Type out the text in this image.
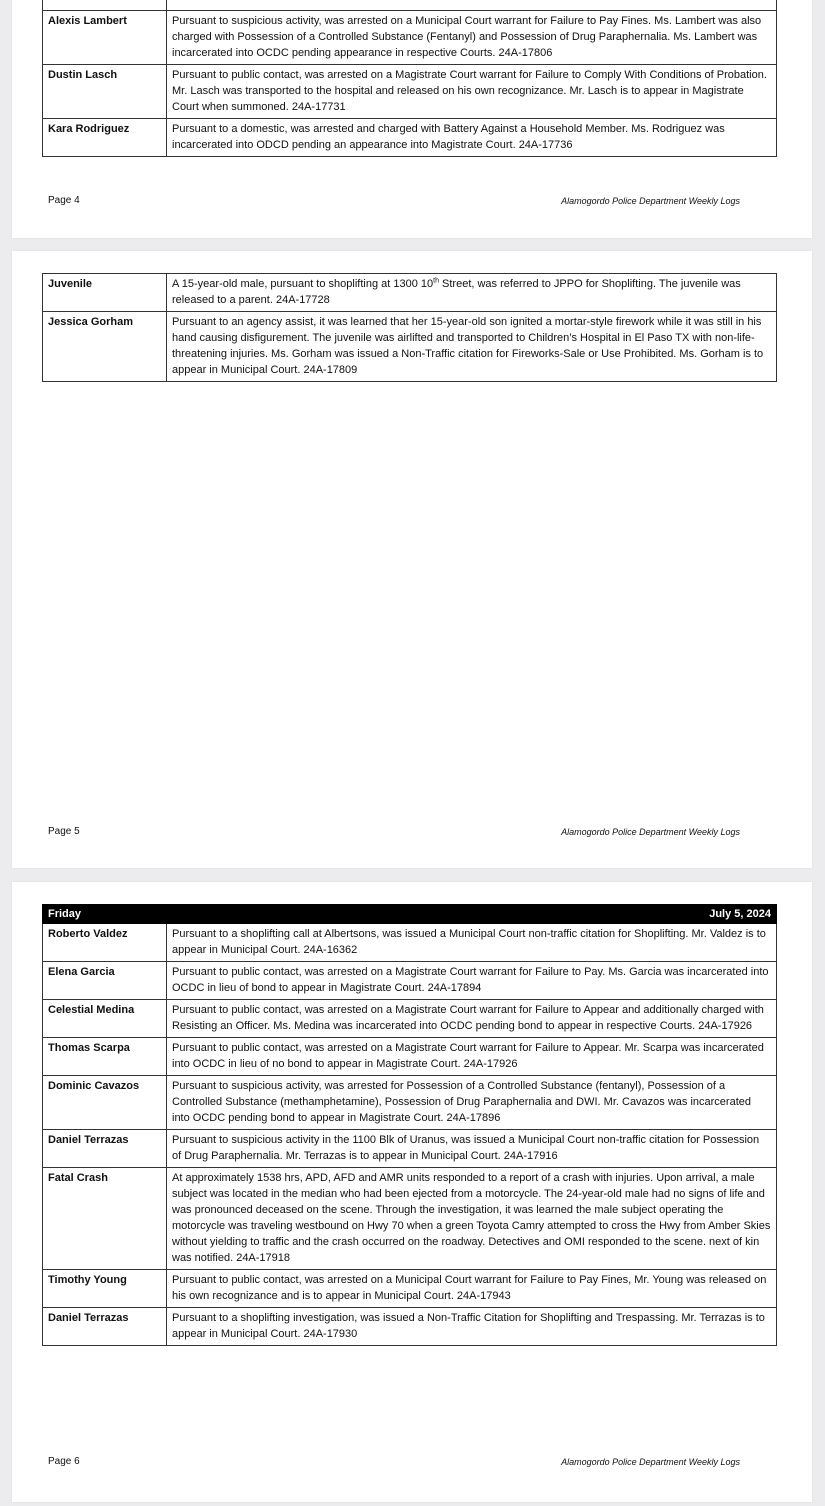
Alexis Lambert	Pursuant to suspicious activity, was arrested on a Municipal Court warrant for Failure to Pay Fines. Ms. Lambert was also charged with Possession of a Controlled Substance (Fentanyl) and Possession of Drug Paraphernalia. Ms. Lambert was incarcerated into OCDC pending appearance in respective Courts. 24A-17806
Dustin Lasch	Pursuant to public contact, was arrested on a Magistrate Court warrant for Failure to Comply With Conditions of Probation. Mr. Lasch was transported to the hospital and released on his own recognizance. Mr. Lasch is to appear in Magistrate Court when summoned. 24A-17731
Kara Rodriguez	Pursuant to a domestic, was arrested and charged with Battery Against a Household Member. Ms. Rodriguez was incarcerated into ODCD pending an appearance into Magistrate Court. 24A-17736
Page 4	Alamogordo Police Department Weekly Logs
Juvenile	A 15-year-old male, pursuant to shoplifting at 1300 10th Street, was referred to JPPO for Shoplifting. The juvenile was released to a parent. 24A-17728
Jessica Gorham	Pursuant to an agency assist, it was learned that her 15-year-old son ignited a mortar-style firework while it was still in his hand causing disfigurement. The juvenile was airlifted and transported to Children’s Hospital in El Paso TX with non-life-threatening injuries. Ms. Gorham was issued a Non-Traffic citation for Fireworks-Sale or Use Prohibited. Ms. Gorham is to appear in Municipal Court. 24A-17809
Page 5	Alamogordo Police Department Weekly Logs
Friday	July 5, 2024
Roberto Valdez	Pursuant to a shoplifting call at Albertsons, was issued a Municipal Court non-traffic citation for Shoplifting. Mr. Valdez is to appear in Municipal Court. 24A-16362
Elena Garcia	Pursuant to public contact, was arrested on a Magistrate Court warrant for Failure to Pay. Ms. Garcia was incarcerated into OCDC in lieu of bond to appear in Magistrate Court. 24A-17894
Celestial Medina	Pursuant to public contact, was arrested on a Magistrate Court warrant for Failure to Appear and additionally charged with Resisting an Officer. Ms. Medina was incarcerated into OCDC pending bond to appear in respective Courts. 24A-17926
Thomas Scarpa	Pursuant to public contact, was arrested on a Magistrate Court warrant for Failure to Appear. Mr. Scarpa was incarcerated into OCDC in lieu of no bond to appear in Magistrate Court. 24A-17926
Dominic Cavazos	Pursuant to suspicious activity, was arrested for Possession of a Controlled Substance (fentanyl), Possession of a Controlled Substance (methamphetamine), Possession of Drug Paraphernalia and DWI. Mr. Cavazos was incarcerated into OCDC pending bond to appear in Magistrate Court. 24A-17896
Daniel Terrazas	Pursuant to suspicious activity in the 1100 Blk of Uranus, was issued a Municipal Court non-traffic citation for Possession of Drug Paraphernalia. Mr. Terrazas is to appear in Municipal Court. 24A-17916
Fatal Crash	At approximately 1538 hrs, APD, AFD and AMR units responded to a report of a crash with injuries. Upon arrival, a male subject was located in the median who had been ejected from a motorcycle. The 24-year-old male had no signs of life and was pronounced deceased on the scene. Through the investigation, it was learned the male subject operating the motorcycle was traveling westbound on Hwy 70 when a green Toyota Camry attempted to cross the Hwy from Amber Skies without yielding to traffic and the crash occurred on the roadway. Detectives and OMI responded to the scene. next of kin was notified. 24A-17918
Timothy Young	Pursuant to public contact, was arrested on a Municipal Court warrant for Failure to Pay Fines, Mr. Young was released on his own recognizance and is to appear in Municipal Court. 24A-17943
Daniel Terrazas	Pursuant to a shoplifting investigation, was issued a Non-Traffic Citation for Shoplifting and Trespassing. Mr. Terrazas is to appear in Municipal Court. 24A-17930
Page 6	Alamogordo Police Department Weekly Logs
